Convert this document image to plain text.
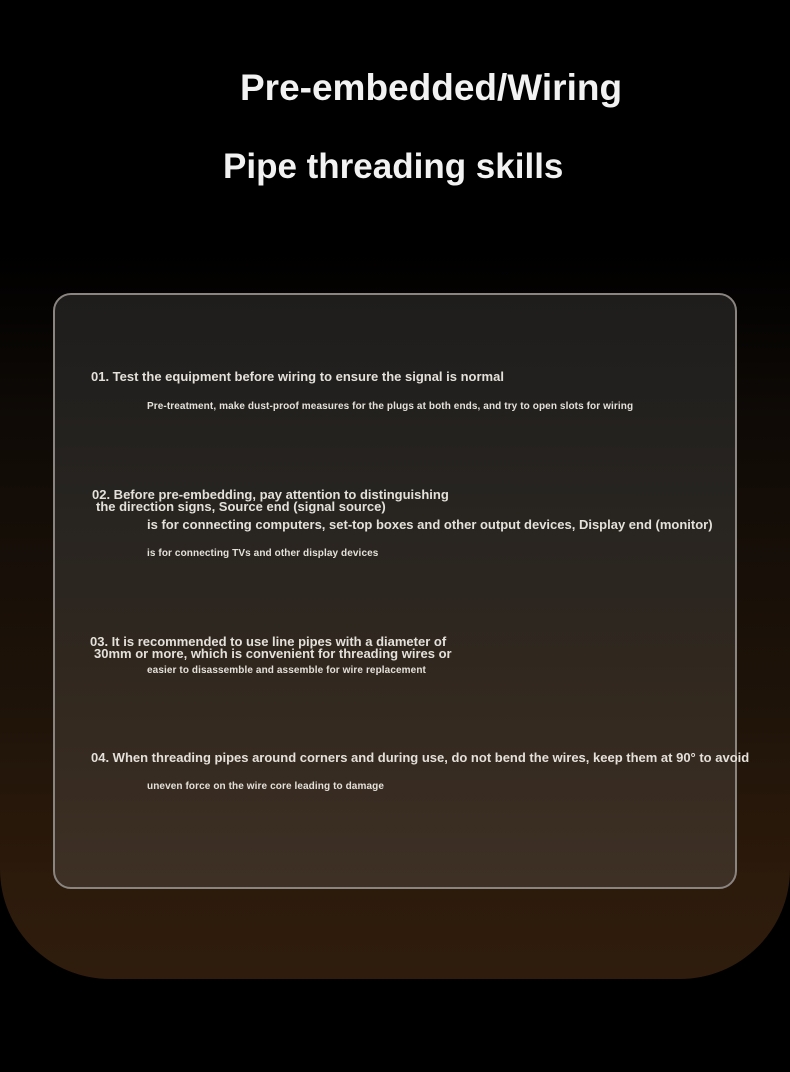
Pre-embedded/Wiring
Pipe threading skills
01. Test the equipment before wiring to ensure the signal is normal
Pre-treatment, make dust-proof measures for the plugs at both ends, and try to open slots for wiring
02. Before pre-embedding, pay attention to distinguishing
the direction signs, Source end (signal source)
is for connecting computers, set-top boxes and other output devices, Display end (monitor)
is for connecting TVs and other display devices
03. It is recommended to use line pipes with a diameter of
30mm or more, which is convenient for threading wires or
easier to disassemble and assemble for wire replacement
04. When threading pipes around corners and during use, do not bend the wires, keep them at 90° to avoid
uneven force on the wire core leading to damage
